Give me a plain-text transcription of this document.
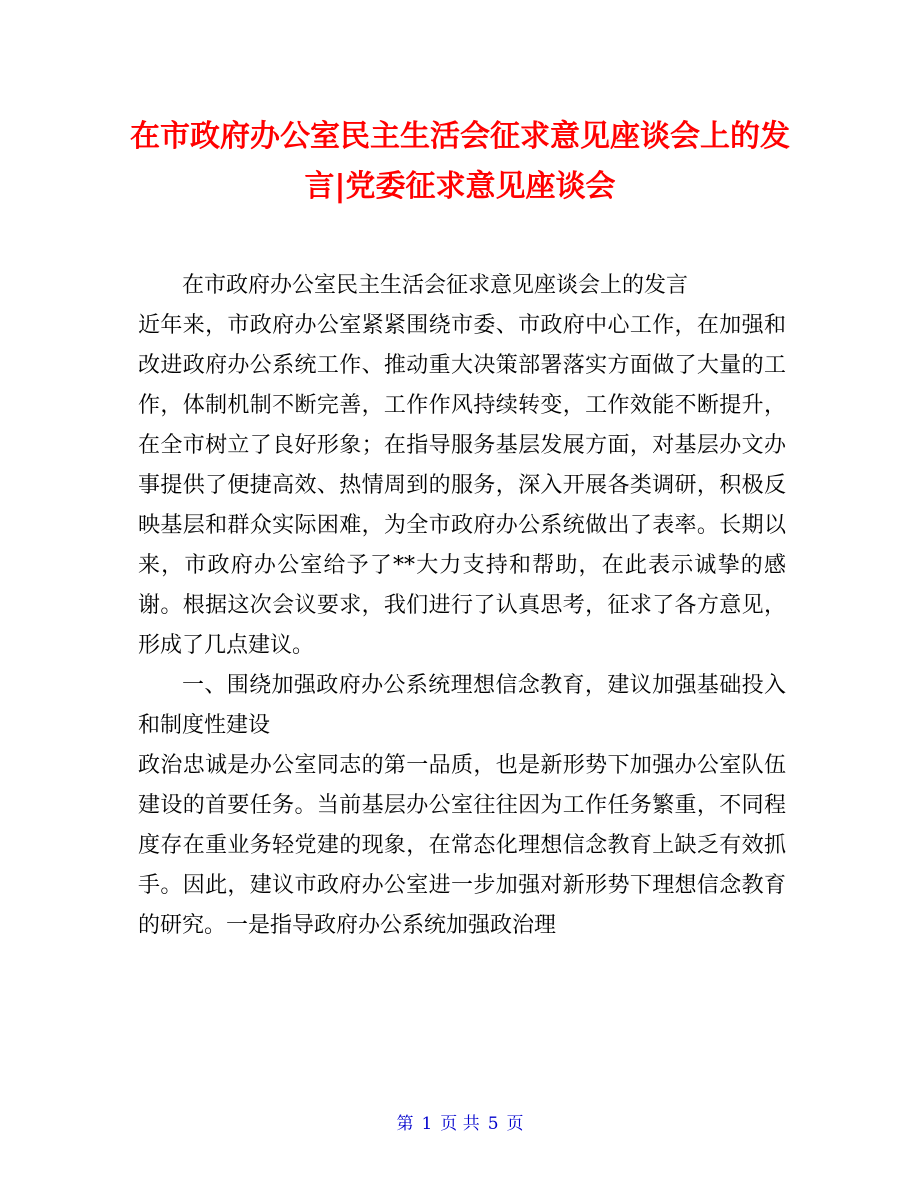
在市政府办公室民主生活会征求意见座谈会上的发言|党委征求意见座谈会

在市政府办公室民主生活会征求意见座谈会上的发言

近年来，市政府办公室紧紧围绕市委、市政府中心工作，在加强和改进政府办公系统工作、推动重大决策部署落实方面做了大量的工作，体制机制不断完善，工作作风持续转变，工作效能不断提升，在全市树立了良好形象；在指导服务基层发展方面，对基层办文办事提供了便捷高效、热情周到的服务，深入开展各类调研，积极反映基层和群众实际困难，为全市政府办公系统做出了表率。长期以来，市政府办公室给予了**大力支持和帮助，在此表示诚挚的感谢。根据这次会议要求，我们进行了认真思考，征求了各方意见，形成了几点建议。

一、围绕加强政府办公系统理想信念教育，建议加强基础投入和制度性建设

政治忠诚是办公室同志的第一品质，也是新形势下加强办公室队伍建设的首要任务。当前基层办公室往往因为工作任务繁重，不同程度存在重业务轻党建的现象，在常态化理想信念教育上缺乏有效抓手。因此，建议市政府办公室进一步加强对新形势下理想信念教育的研究。一是指导政府办公系统加强政治理

第 1 页 共 5 页
